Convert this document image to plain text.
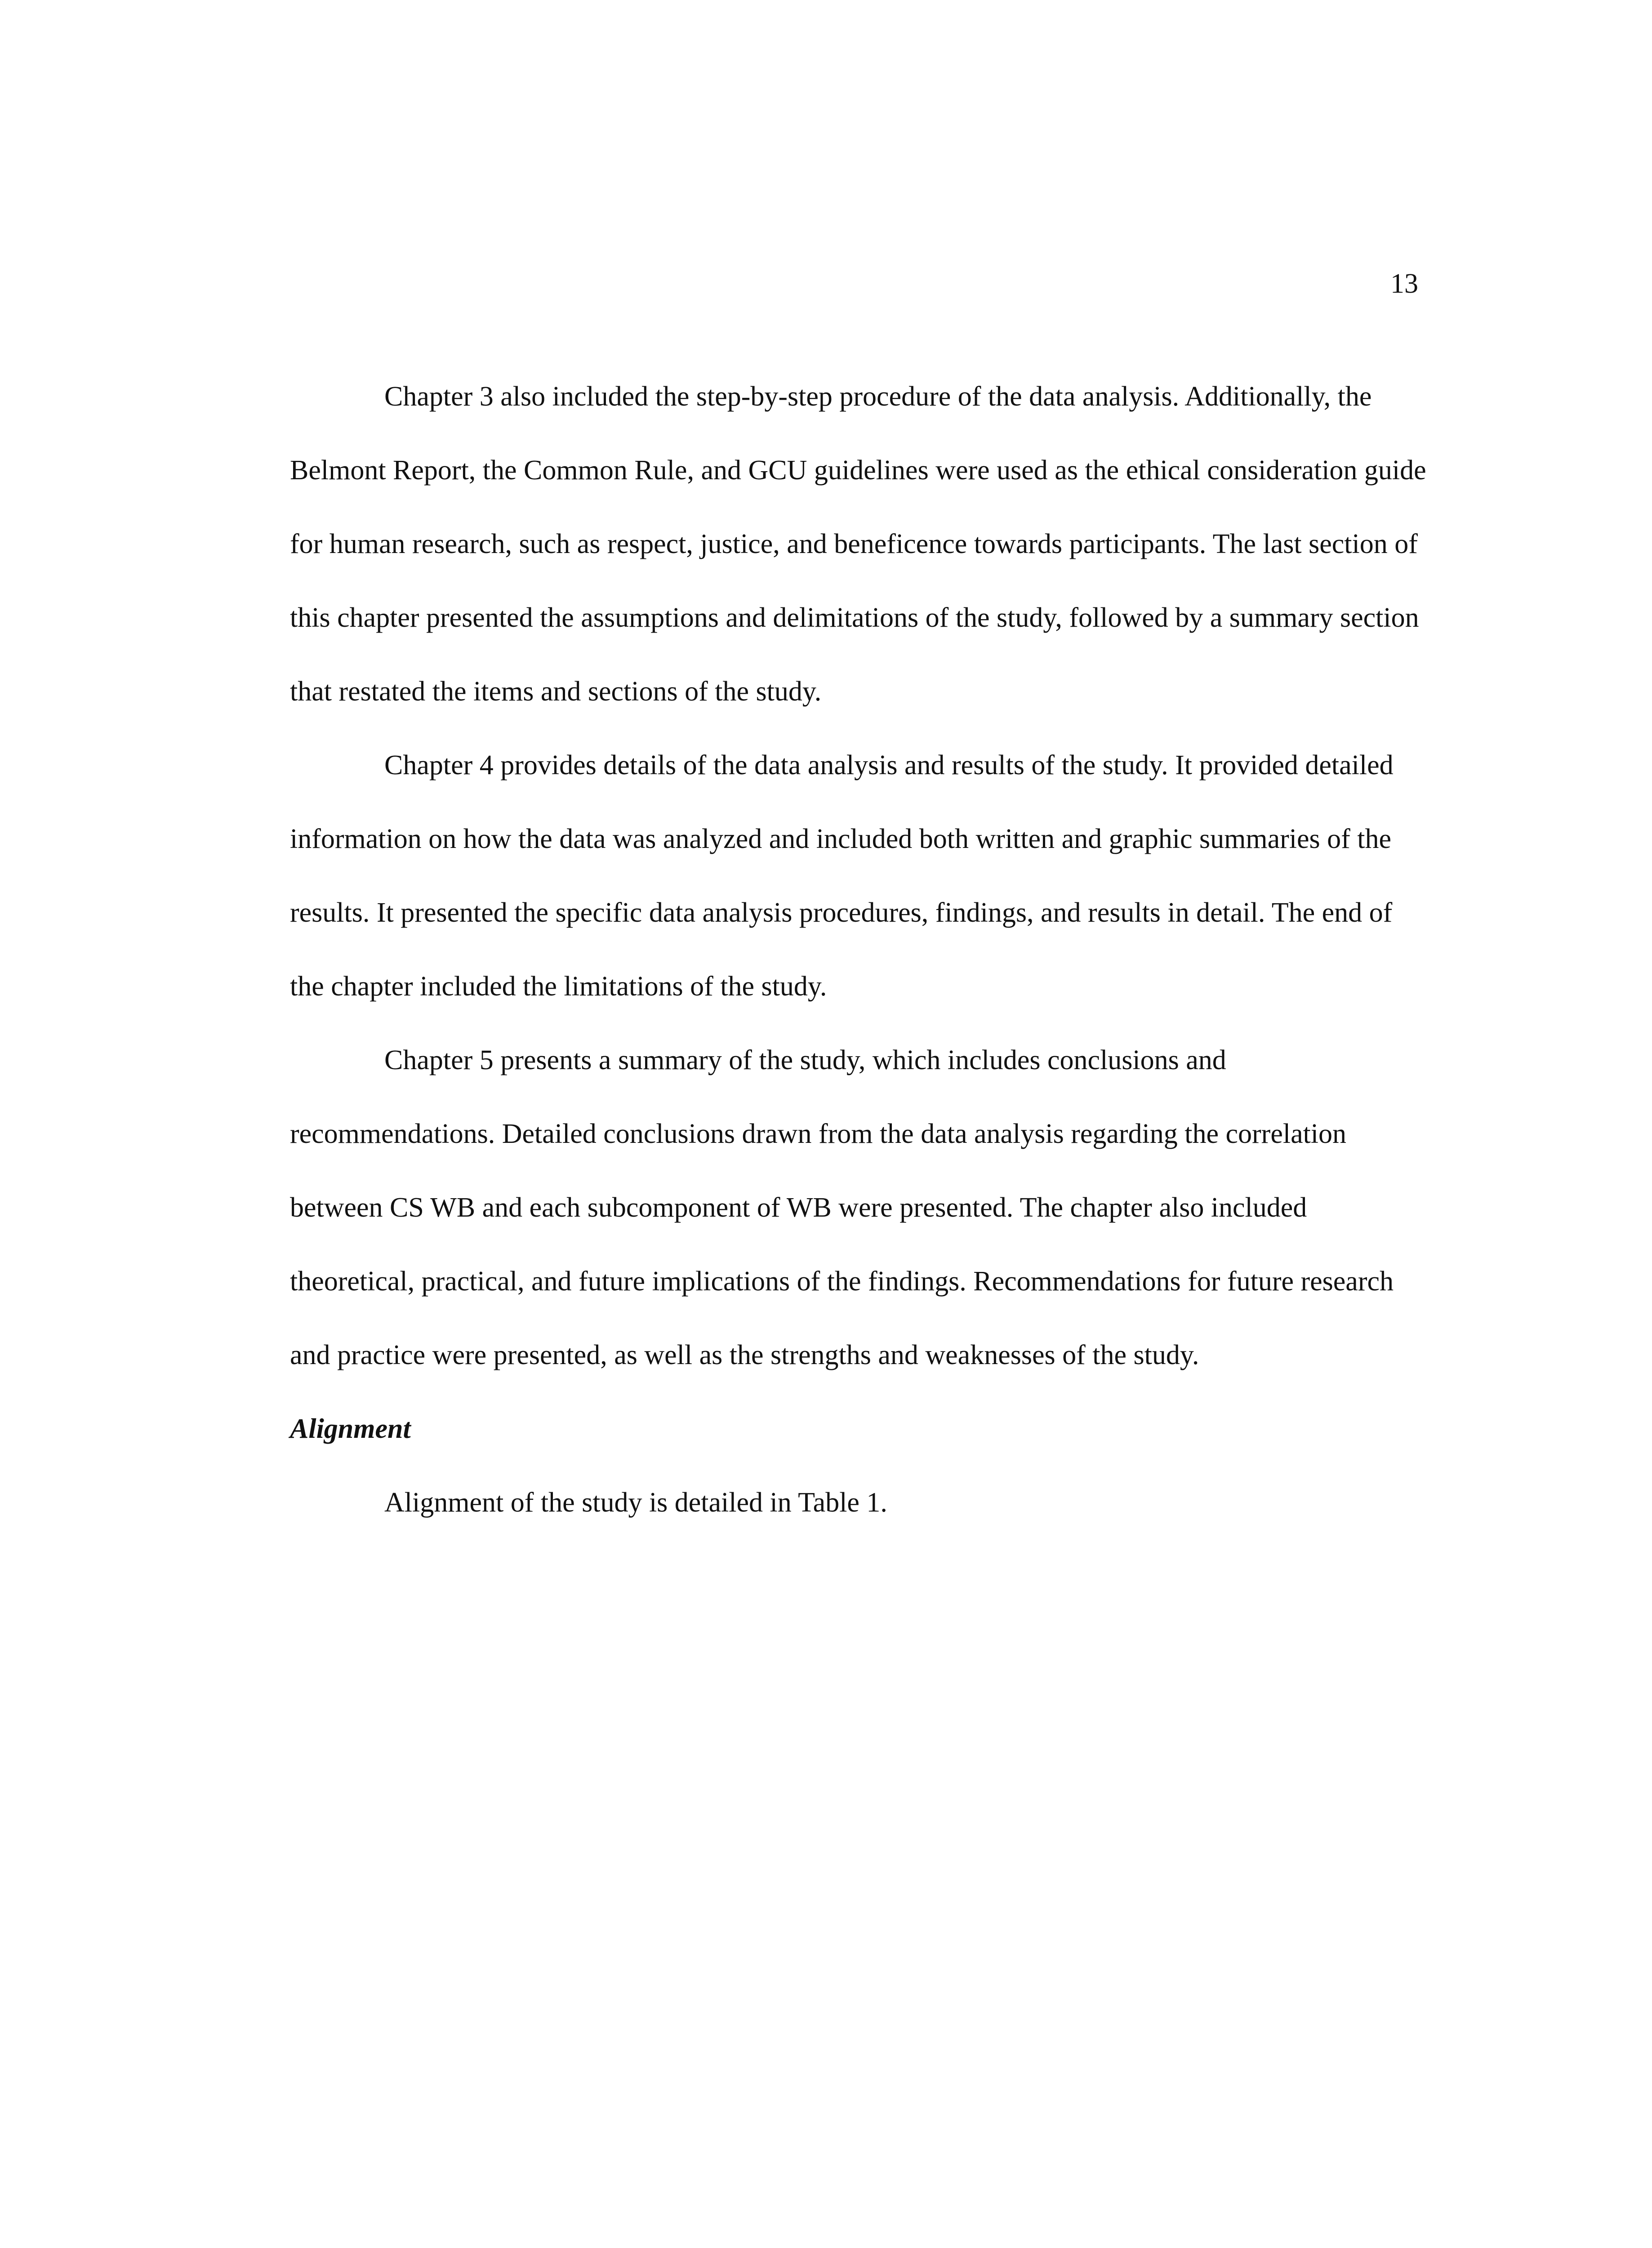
13

Chapter 3 also included the step-by-step procedure of the data analysis. Additionally, the Belmont Report, the Common Rule, and GCU guidelines were used as the ethical consideration guide for human research, such as respect, justice, and beneficence towards participants. The last section of this chapter presented the assumptions and delimitations of the study, followed by a summary section that restated the items and sections of the study.

Chapter 4 provides details of the data analysis and results of the study. It provided detailed information on how the data was analyzed and included both written and graphic summaries of the results. It presented the specific data analysis procedures, findings, and results in detail. The end of the chapter included the limitations of the study.

Chapter 5 presents a summary of the study, which includes conclusions and recommendations. Detailed conclusions drawn from the data analysis regarding the correlation between CS WB and each subcomponent of WB were presented. The chapter also included theoretical, practical, and future implications of the findings. Recommendations for future research and practice were presented, as well as the strengths and weaknesses of the study.

Alignment

Alignment of the study is detailed in Table 1.
